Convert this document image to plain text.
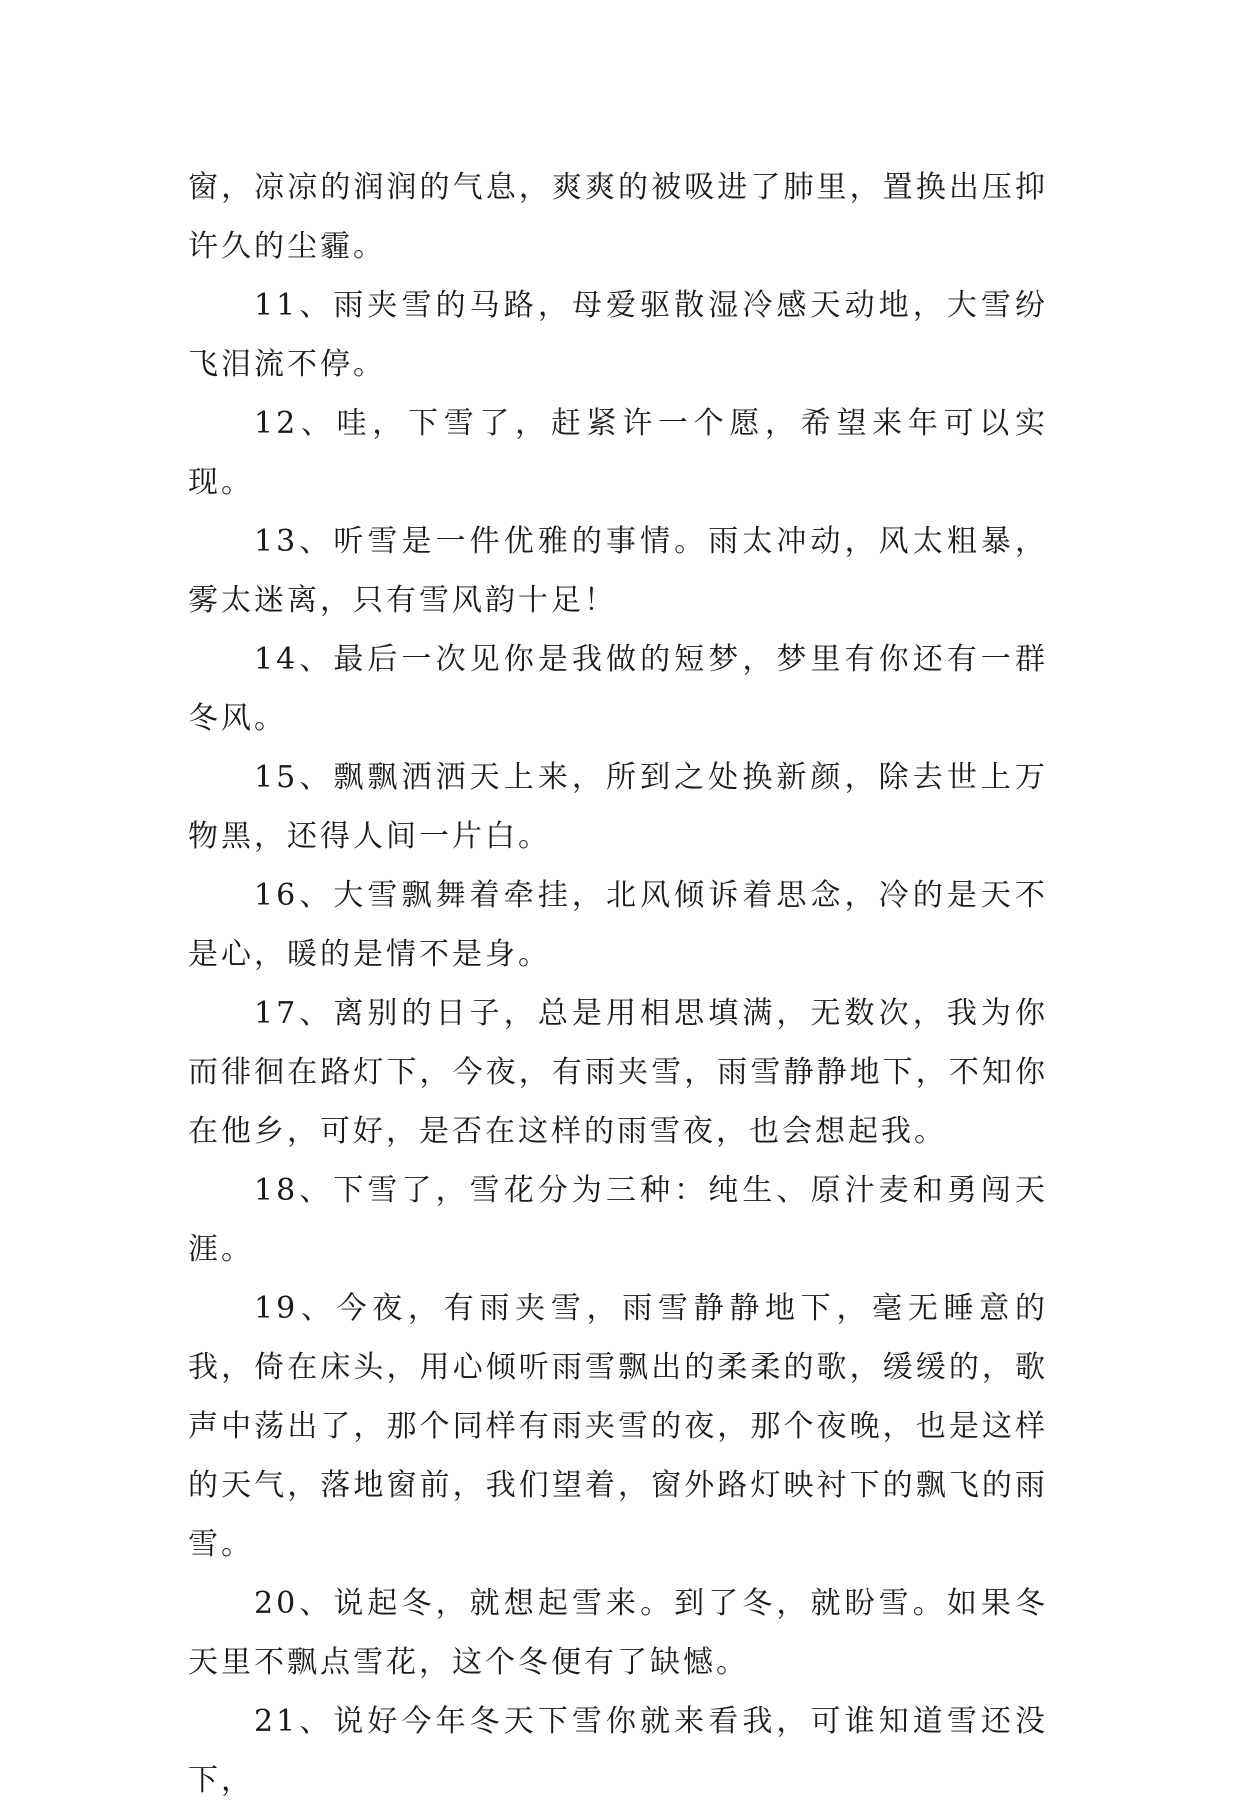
窗，凉凉的润润的气息，爽爽的被吸进了肺里，置换出压抑许久的尘霾。

11、雨夹雪的马路，母爱驱散湿冷感天动地，大雪纷飞泪流不停。

12、哇，下雪了，赶紧许一个愿，希望来年可以实现。

13、听雪是一件优雅的事情。雨太冲动，风太粗暴，雾太迷离，只有雪风韵十足！

14、最后一次见你是我做的短梦，梦里有你还有一群冬风。

15、飘飘洒洒天上来，所到之处换新颜，除去世上万物黑，还得人间一片白。

16、大雪飘舞着牵挂，北风倾诉着思念，冷的是天不是心，暖的是情不是身。

17、离别的日子，总是用相思填满，无数次，我为你而徘徊在路灯下，今夜，有雨夹雪，雨雪静静地下，不知你在他乡，可好，是否在这样的雨雪夜，也会想起我。

18、下雪了，雪花分为三种：纯生、原汁麦和勇闯天涯。

19、今夜，有雨夹雪，雨雪静静地下，毫无睡意的我，倚在床头，用心倾听雨雪飘出的柔柔的歌，缓缓的，歌声中荡出了，那个同样有雨夹雪的夜，那个夜晚，也是这样的天气，落地窗前，我们望着，窗外路灯映衬下的飘飞的雨雪。

20、说起冬，就想起雪来。到了冬，就盼雪。如果冬天里不飘点雪花，这个冬便有了缺憾。

21、说好今年冬天下雪你就来看我，可谁知道雪还没下，
